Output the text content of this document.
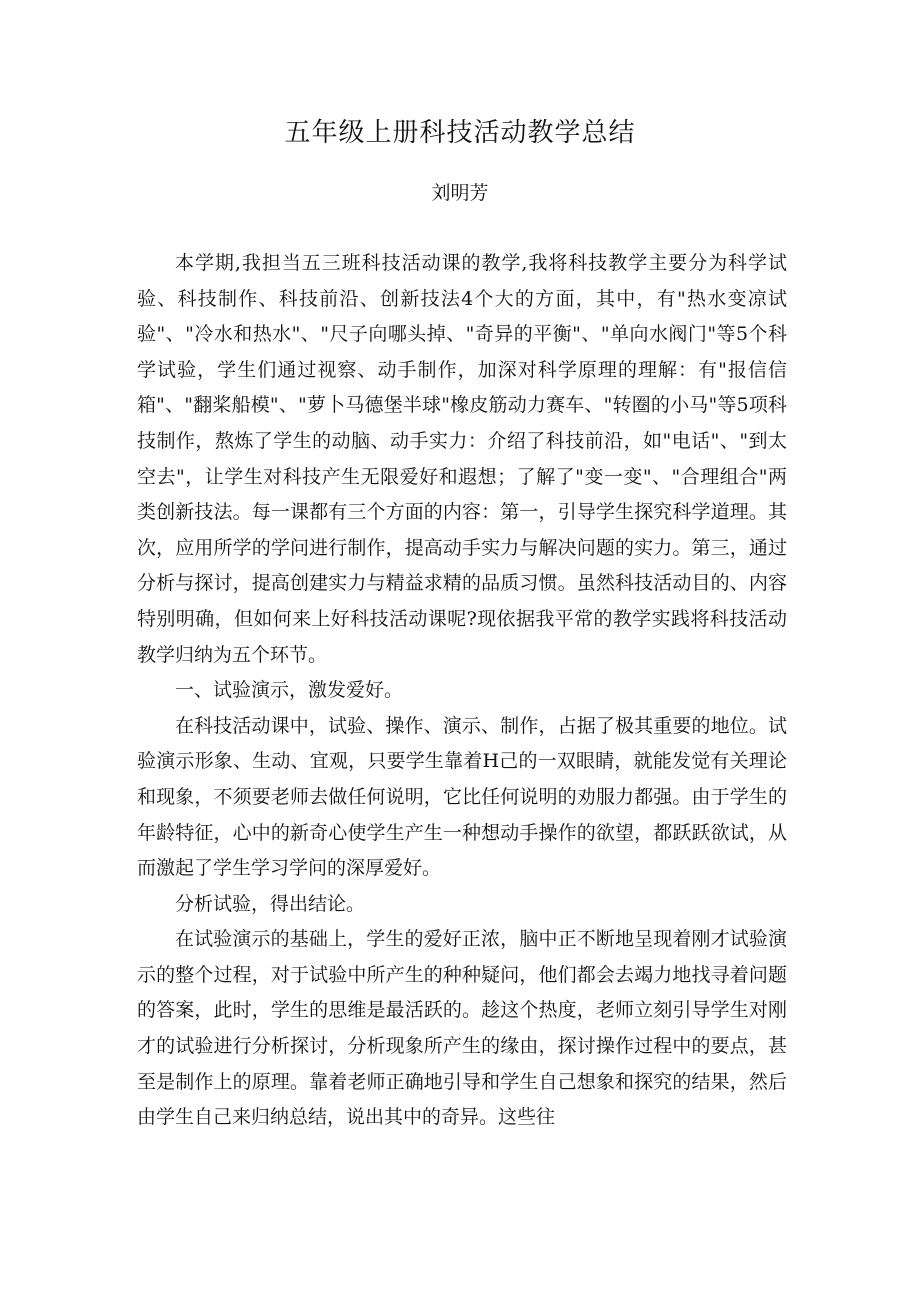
五年级上册科技活动教学总结

刘明芳

本学期,我担当五三班科技活动课的教学,我将科技教学主要分为科学试验、科技制作、科技前沿、创新技法4个大的方面，其中，有"热水变凉试验"、"冷水和热水"、"尺子向哪头掉、"奇异的平衡"、"单向水阀门"等5个科学试验，学生们通过视察、动手制作，加深对科学原理的理解：有"报信信箱"、"翻桨船模"、"萝卜马德堡半球"橡皮筋动力赛车、"转圈的小马"等5项科技制作，熬炼了学生的动脑、动手实力：介绍了科技前沿，如"电话"、"到太空去"，让学生对科技产生无限爱好和遐想；了解了"变一变"、"合理组合"两类创新技法。每一课都有三个方面的内容：第一，引导学生探究科学道理。其次，应用所学的学问进行制作，提高动手实力与解决问题的实力。第三，通过分析与探讨，提高创建实力与精益求精的品质习惯。虽然科技活动目的、内容特别明确，但如何来上好科技活动课呢?现依据我平常的教学实践将科技活动教学归纳为五个环节。

一、试验演示，激发爱好。

在科技活动课中，试验、操作、演示、制作，占据了极其重要的地位。试验演示形象、生动、宜观，只要学生靠着H己的一双眼睛，就能发觉有关理论和现象，不须要老师去做任何说明，它比任何说明的劝服力都强。由于学生的年龄特征，心中的新奇心使学生产生一种想动手操作的欲望，都跃跃欲试，从而激起了学生学习学问的深厚爱好。

分析试验，得出结论。

在试验演示的基础上，学生的爱好正浓，脑中正不断地呈现着刚才试验演示的整个过程，对于试验中所产生的种种疑问，他们都会去竭力地找寻着问题的答案，此时，学生的思维是最活跃的。趁这个热度，老师立刻引导学生对刚才的试验进行分析探讨，分析现象所产生的缘由，探讨操作过程中的要点，甚至是制作上的原理。靠着老师正确地引导和学生自己想象和探究的结果，然后由学生自己来归纳总结，说出其中的奇异。这些往
